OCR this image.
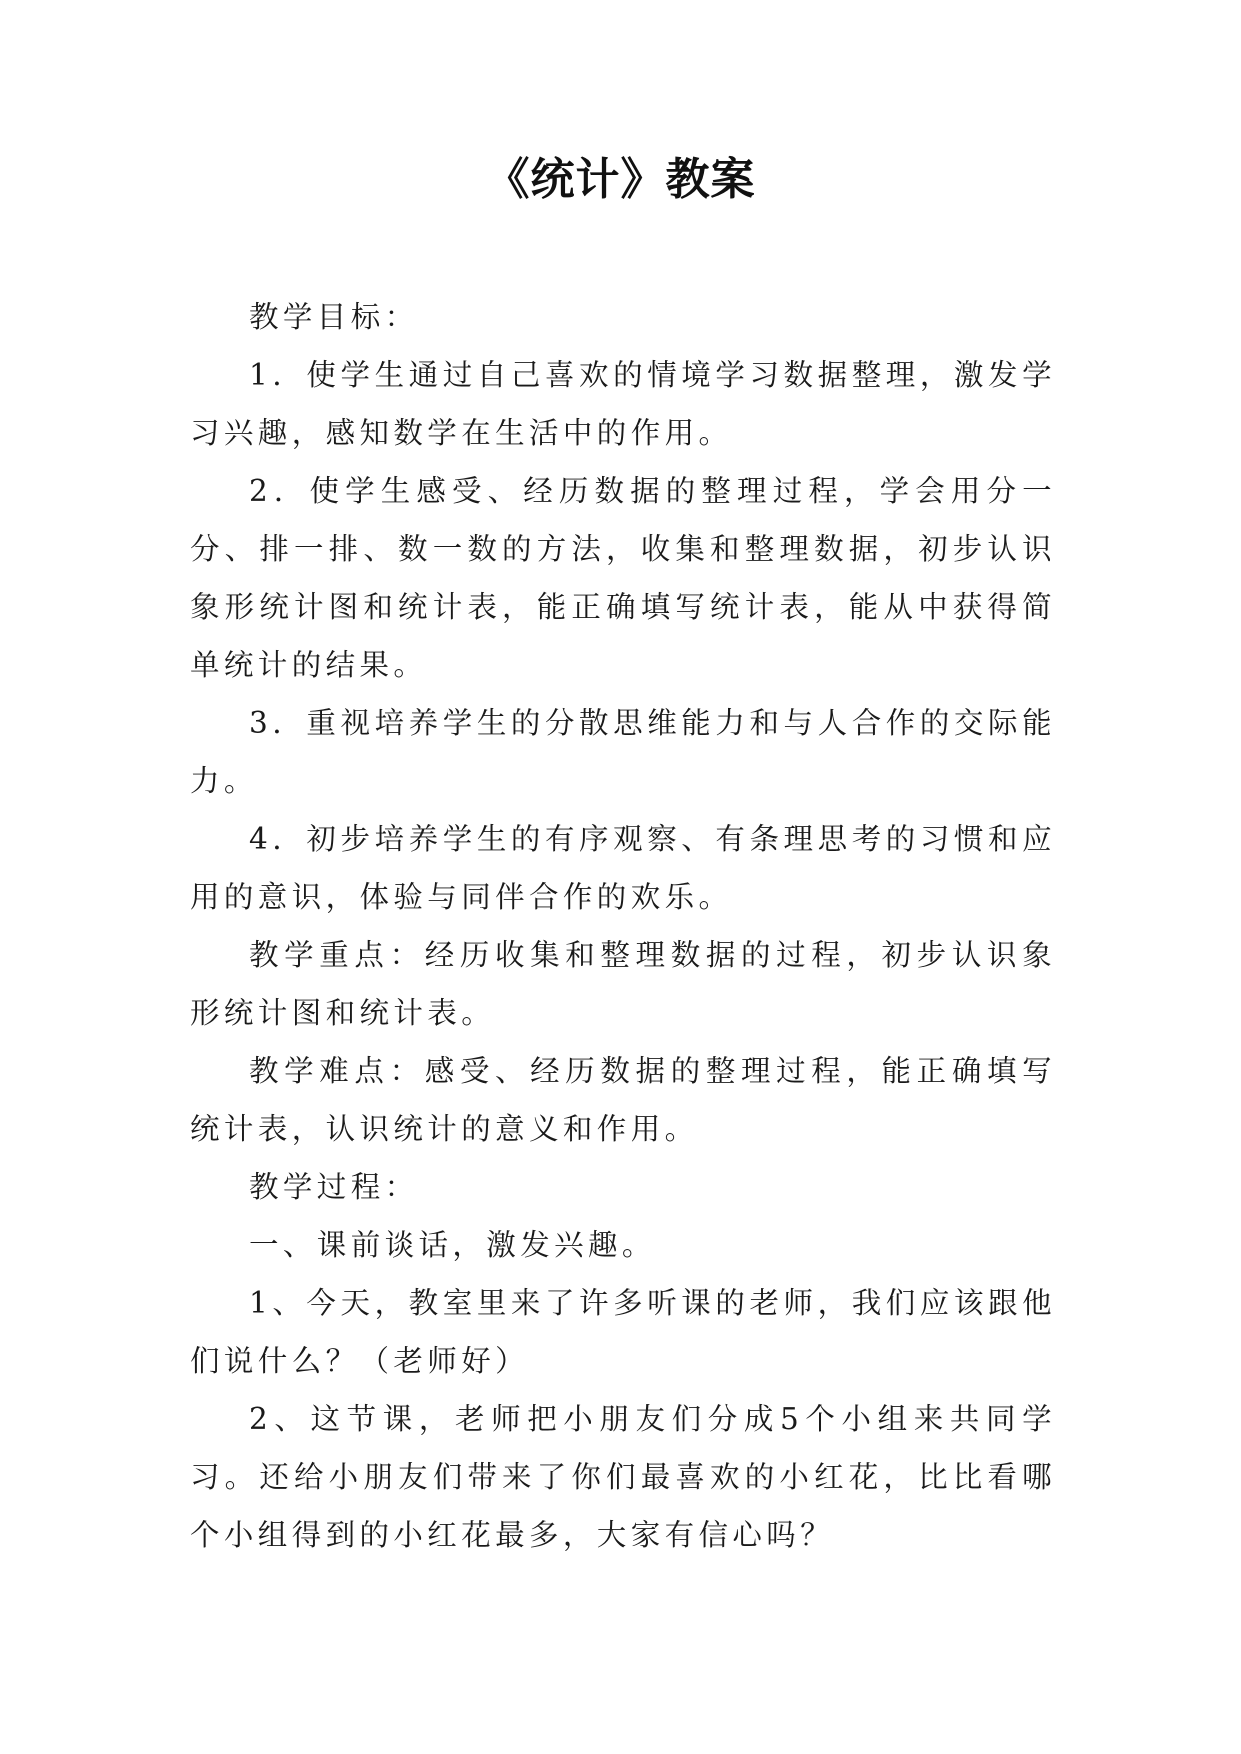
《统计》教案

教学目标：

1．使学生通过自己喜欢的情境学习数据整理，激发学习兴趣，感知数学在生活中的作用。

2．使学生感受、经历数据的整理过程，学会用分一分、排一排、数一数的方法，收集和整理数据，初步认识象形统计图和统计表，能正确填写统计表，能从中获得简单统计的结果。

3．重视培养学生的分散思维能力和与人合作的交际能力。

4．初步培养学生的有序观察、有条理思考的习惯和应用的意识，体验与同伴合作的欢乐。

教学重点：经历收集和整理数据的过程，初步认识象形统计图和统计表。

教学难点：感受、经历数据的整理过程，能正确填写统计表，认识统计的意义和作用。

教学过程：

一、课前谈话，激发兴趣。

1、今天，教室里来了许多听课的老师，我们应该跟他们说什么？（老师好）

2、这节课，老师把小朋友们分成5个小组来共同学习。还给小朋友们带来了你们最喜欢的小红花，比比看哪个小组得到的小红花最多，大家有信心吗？
